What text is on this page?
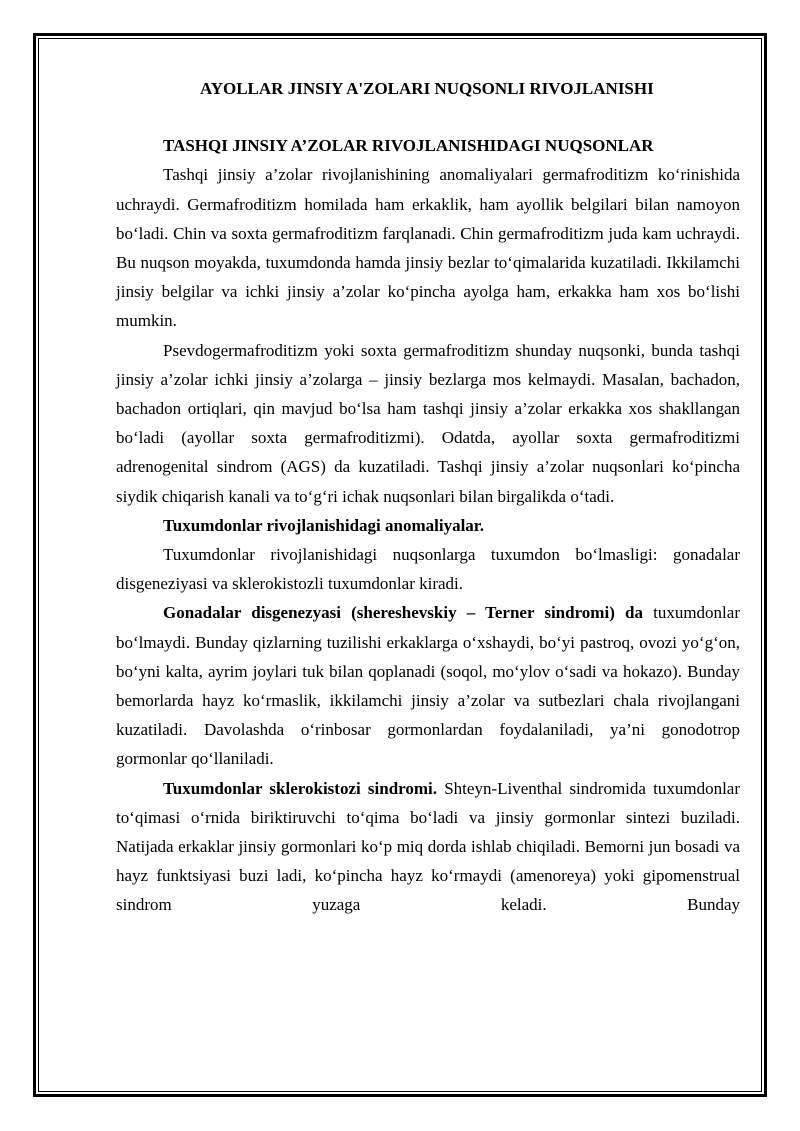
AYOLLAR JINSIY A'ZOLARI NUQSONLI RIVOJLANISHI
TASHQI JINSIY A’ZOLAR RIVOJLANISHIDAGI NUQSONLAR

Tashqi jinsiy a’zolar rivojlanishining anomaliyalari germafroditizm ko‘rinishida uchraydi. Germafroditizm homilada ham erkaklik, ham ayollik belgilari bilan namoyon bo‘ladi. Chin va soxta germafroditizm farqlanadi. Chin germafroditizm juda kam uchraydi. Bu nuqson moyakda, tuxumdonda hamda jinsiy bezlar to‘qimalarida kuzatiladi. Ikkilamchi jinsiy belgilar va ichki jinsiy a’zolar ko‘pincha ayolga ham, erkakka ham xos bo‘lishi mumkin.

Psevdogermafroditizm yoki soxta germafroditizm shunday nuqsonki, bunda tashqi jinsiy a’zolar ichki jinsiy a’zolarga – jinsiy bezlarga mos kelmaydi. Masalan, bachadon, bachadon ortiqlari, qin mavjud bo‘lsa ham tashqi jinsiy a’zolar erkakka xos shakllangan bo‘ladi (ayollar soxta germafroditizmi). Odatda, ayollar soxta germafroditizmi adrenogenital sindrom (AGS) da kuzatiladi. Tashqi jinsiy a’zolar nuqsonlari ko‘pincha siydik chiqarish kanali va to‘g‘ri ichak nuqsonlari bilan birgalikda o‘tadi.

Tuxumdonlar rivojlanishidagi anomaliyalar.

Tuxumdonlar rivojlanishidagi nuqsonlarga tuxumdon bo‘lmasligi: gonadalar disgeneziyasi va sklerokistozli tuxumdonlar kiradi.

Gonadalar disgenezyasi (shereshevskiy – Terner sindromi) da tuxumdonlar bo‘lmaydi. Bunday qizlarning tuzilishi erkaklarga o‘xshaydi, bo‘yi pastroq, ovozi yo‘g‘on, bo‘yni kalta, ayrim joylari tuk bilan qoplanadi (soqol, mo‘ylov o‘sadi va hokazo). Bunday bemorlarda hayz ko‘rmaslik, ikkilamchi jinsiy a’zolar va sutbezlari chala rivojlangani kuzatiladi. Davolashda o‘rinbosar gormonlardan foydalaniladi, ya’ni gonodotrop gormonlar qo‘llaniladi.

Tuxumdonlar sklerokistozi sindromi. Shteyn-Liventhal sindromida tuxumdonlar to‘qimasi o‘rnida biriktiruvchi to‘qima bo‘ladi va jinsiy gormonlar sintezi buziladi. Natijada erkaklar jinsiy gormonlari ko‘p miq dorda ishlab chiqiladi. Bemorni jun bosadi va hayz funktsiyasi buzi ladi, ko‘pincha hayz ko‘rmaydi (amenoreya) yoki gipomenstrual sindrom yuzaga keladi. Bunday
